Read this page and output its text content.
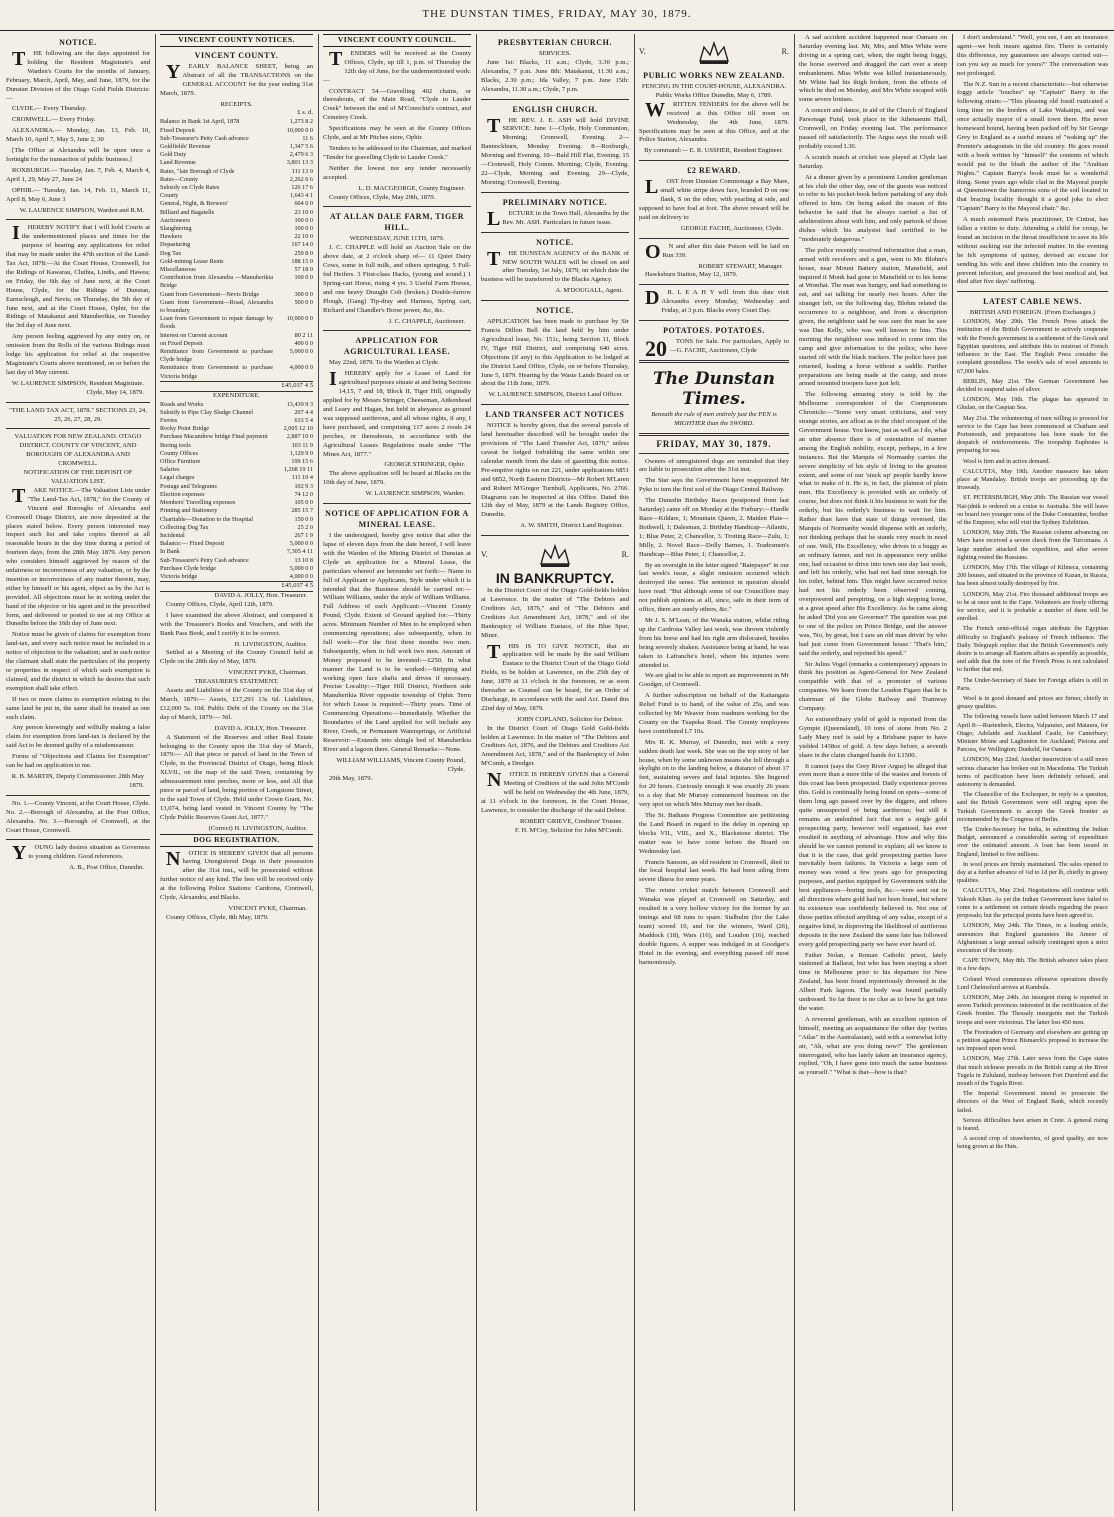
THE DUNSTAN TIMES, FRIDAY, MAY 30, 1879.
NOTICE.

T	HE following are the days appointed for holding the Resident Magistrate's and Warden's Courts for the months of January, February, March, April, May, and June, 1879, for the Dunstan Division of the Otago Gold Fields Districts:—

CLYDE.— Every Thursday.

CROMWELL.— Every Friday.

ALEXANDRA.— Monday, Jan. 13, Feb. 10, March 10, April 7, May 5, June 2, 30

[The Office at Alexandra will be open once a fortnight for the transaction of public business.]

ROXBURGH.— Tuesday, Jan. 7, Feb. 4, March 4, April 1, 29, May 27, June 24

OPHIR.— Tuesday, Jan. 14, Feb. 11, March 11, April 8, May 6, June 3

W. LAURENCE SIMPSON, Warden and R.M.

I	HEREBY NOTIFY that I will hold Courts at the undermentioned places and times for the purpose of hearing any applications for relief that may be made under the 47th section of the Land-Tax Act, 1878:—At the Court House, Cromwell, for the Ridings of Kawarau, Cluthia, Lindis, and Hawea; on Friday, the 6th day of June next, at the Court House, Clyde, for the Ridings of Dunstan, Earnscleugh, and Nevis; on Thursday, the 5th day of June next, and at the Court House, Ophir, for the Ridings of Matakanui and Manuherikia, on Tuesday the 3rd day of June next.

Any person feeling aggrieved by any entry on, or omission from the Rolls of the various Ridings must lodge his application for relief at the respective Magistrate's Courts above mentioned, on or before the last day of May current.

W. LAURENCE SIMPSON, Resident Magistrate. Clyde, May 14, 1879.
"THE LAND TAX ACT, 1878." SECTIONS 23, 24, 25, 26, 27, 28, 29.
VALUATION FOR NEW ZEALAND. OTAGO DISTRICT. COUNTY OF VINCENT, AND BOROUGHS OF ALEXANDRA AND CROMWELL.
NOTIFICATION OF THE DEPOSIT OF VALUATION LIST.

T	AKE NOTICE.—The Valuation Lists under "The Land-Tax Act, 1878," for the County of Vincent and Boroughs of Alexandra and Cromwell Otago District, are now deposited at the places stated below. Every person interested may inspect such list and take copies thereof at all reasonable hours in the day time during a period of fourteen days, from the 28th May 1879. Any person who considers himself aggrieved by reason of the unfairness or incorrectness of any valuation, or by the insertion or incorrectness of any matter therein, may, either by himself or his agent, object as by the Act is provided. All objections must be in writing under the hand of the objector or his agent and in the prescribed form, and delivered or posted to me at my Office at Dunedin before the 16th day of June next.

Notice must be given of claims for exemption from land-tax, and every such notice must be included in a notice of objection to the valuation; and in such notice the claimant shall state the particulars of the property or properties in respect of which such exemption is claimed, and the district in which he desires that such exemption shall take effect.

If two or more claims to exemption relating to the same land be put in, the same shall be treated as one such claim.

Any person knowingly and wilfully making a false claim for exemption from land-tax is declared by the said Act to be deemed guilty of a misdemeanour.

Forms of "Objections and Claims for Exemption" can be had on application to me.

R. B. MARTIN, Deputy Commissioner. 28th May 1879.

No. 1.—County Vincent, at the Court House, Clyde. No. 2.—Borough of Alexandra, at the Post Office, Alexandra. No. 3.—Borough of Cromwell, at the Court House, Cromwell.

Y	OUNG lady desires situation as Governess to young children. Good references.

A. B., Post Office, Dunedin.
VINCENT COUNTY NOTICES.
VINCENT COUNTY.

Y	EARLY BALANCE SHEET, being an Abstract of all the TRANSACTIONS on the GENERAL ACCOUNT for the year ending 31st March, 1879.

RECEIPTS.
£ s. d.
Balance in Bank 1st April, 1878	1,273 8 2
Fixed Deposit	10,000 0 0
Sub-Treasurer's Petty Cash advance	11 6
Goldfields' Revenue	1,347 5 6
Gold Duty	2,479 6 3
Land Revenue	3,801 13 3
Rates, "late Borough of Clyde	111 13 9
Rates—County	2,262 6 6
Subsidy on Clyde Rates	126 17 6
County	1,643 4 1
General, Night, & Brewers'	604 0 0
Billiard and Bagatelle	23 10 0
Auctioneers	100 0 0
Slaughtering	100 0 0
Hawkers	22 10 0
Depasturing	167 14 0
Dog Tax	250 8 0
Gold-mining Lease Rents	188 15 0
Miscellaneous	57 18 0
Contribution from Alexandra —Manuherikia Bridge
100 0 0
Grant from Government—Nevis Bridge	300 0 0
Grant from Government—Road, Alexandra to boundary
500 0 0
Loan from Government to repair damage by floods
10,000 0 0
Interest on Current account	80 2 11
on Fixed Deposit	400 0 0
Remittance from Government to purchase Clyde bridge
5,000 0 0
Remittance from Government to purchase Victoria bridge
4,000 0 0
£45,037 4 5
EXPENDITURE.
Roads and Works	13,439 9 3
Subsidy to Pipe Clay Sludge Channel	207 4 4
Ferries	633 5 4
Rocky Point Bridge	2,005 12 10
Purchase Macandrew bridge Final payment	2,887 10 0
Boring tools	103 11 9
County Offices	1,129 9 0
Office Furniture	199 15 6
Salaries	1,268 19 11
Legal charges	111 10 4
Postage and Telegrams	102 9 3
Election expenses	74 12 0
Members' Travelling expenses	105 0 0
Printing and Stationery	285 15 7
Charitable—Donation to the Hospital	150 0 0
Collecting Dog Tax	25 2 0
Incidental	267 1 9
Balance:— Fixed Deposit	5,000 0 0
In Bank	7,305 4 11
Sub-Treasurer's Petty Cash advance	13 10 8
Purchase Clyde bridge	5,000 0 0
Victoria bridge	4,000 0 0
£45,037 4 5
DAVID A. JOLLY, Hon. Treasurer.

County Offices, Clyde, April 12th, 1879.

I have examined the above Abstract, and compared it with the Treasurer's Books and Vouchers, and with the Bank Pass Book, and I certify it to be correct.

H. LIVINGSTON, Auditor.

Settled at a Meeting of the County Council held at Clyde on the 28th day of May, 1879.

VINCENT PYKE, Chairman.
TREASURER'S STATEMENT.

Assets and Liabilities of the County on the 31st day of March, 1879:— Assets, £17,293 13s 6d. Liabilities, £12,000 5s. 10d. Public Debt of the County on the 31st day of March, 1879:— Nil.

DAVID A. JOLLY, Hon. Treasurer.

A Statement of the Reserves and other Real Estate belonging to the County upon the 31st day of March, 1879:— All that piece or parcel of land in the Town of Clyde, in the Provincial District of Otago, being Block XLVII., on the map of the said Town, containing by admeasurement nine perches, more or less, and All that piece or parcel of land, being portion of Longstone Street, in the said Town of Clyde. Held under Crown Grant, No. 13,074, being land vested in Vincent County by "The Clyde Public Reserves Grant Act, 1877."

(Correct) H. LIVINGSTON, Auditor.
DOG REGISTRATION.

N	OTICE IS HEREBY GIVEN that all persons having Unregistered Dogs in their possession after the 31st inst., will be prosecuted without further notice of any kind. The fees will be received only at the following Police Stations: Cardrona, Cromwell, Clyde, Alexandra, and Blacks.

VINCENT PYKE, Chairman.

County Offices, Clyde, 8th May, 1879.

VINCENT COUNTY COUNCIL.

T	ENDERS will be received at the County Offices, Clyde, up till 1, p.m. of Thursday the 12th day of June, for the undermentioned work:—

CONTRACT 54.—Gravelling 402 chains, or thereabouts, of the Main Road, "Clyde to Lauder Creek" between the end of M'Conochie's contract, and Cemetery Creek.

Specifications may be seen at the County Offices Clyde, and at Mr Pitches store, Ophir.

Tenders to be addressed to the Chairman, and marked "Tender for gravelling Clyde to Lauder Creek."

Neither the lowest nor any tender necessarily accepted.

L. D. MACGEORGE, County Engineer.

County Offices, Clyde, May 29th, 1879.

AT ALLAN DALE FARM, TIGER HILL.
WEDNESDAY, JUNE 11TH, 1879.

J. C. CHAPPLE will hold an Auction Sale on the above date, at 2 o'clock sharp of— 11 Quiet Dairy Cows, some in full milk, and others springing. 5 Full-fed Heifers. 3 First-class Hacks, (young and sound.) 1 Spring-cart Horse, rising 4 yrs. 3 Useful Farm Horses, and one heavy Draught Colt (broken.) Double-furrow Plough, (Gang) Tip-dray and Harness, Spring cart, Richard and Chandler's Horse power, &c, &c.

J. C. CHAPPLE, Auctioneer.
APPLICATION FOR AGRICULTURAL LEASE.

May 22nd, 1879. To the Warden at Clyde.

I	HEREBY apply for a Lease of Land for agricultural purposes situate at and being Sections 14,15, 7 and 18, Block II, Tiger Hill, originally applied for by Messrs Stringer, Cheeseman, Aitkenhead and Leary and Hagan, but held in abeyance as ground was supposed auriferous, and all whose rights, if any, I have purchased, and comprising 117 acres 2 roods 24 perches, or thereabouts, in accordance with the Agricultural Leases Regulations made under "The Mines Act, 1877."

GEORGE STRINGER, Ophir.

The above application will be heard at Blacks on the 10th day of June, 1879.

W. LAURENCE SIMPSON, Warden.
NOTICE OF APPLICATION FOR A MINERAL LEASE.

I the undersigned, hereby give notice that after the lapse of eleven days from the date hereof, I will leave with the Warden of the Mining District of Dunstan at Clyde an application for a Mineral Lease, the particulars whereof are hereunder set forth:— Name in full of Applicant or Applicants, Style under which it is intended that the Business should be carried on:—William Williams, under the style of William Williams. Full Address of each Applicant:—Vincent County Pound, Clyde. Extent of Ground applied for:—Thirty acres. Minimum Number of Men to be employed when commencing operations; also subsequently, when in full work:—For the first three months two men. Subsequently, when in full work two men. Amount of Money proposed to be invested:—£250. In what manner the Land is to be worked:—Stripping and working open face shafts and drives if necessary. Precise Locality:—Tiger Hill District, Northern side Manuherikia River opposite township of Ophir. Term for which Lease is required:—Thirty years. Time of Commencing Operations:—Immediately. Whether the Boundaries of the Land applied for will include any River, Creek, or Permanent Watersprings, or Artificial Reservoir:—Extends into shingle bed of Manuherikia River and a lagoon there. General Remarks:—None.

WILLIAM WILLIAMS, Vincent County Pound, Clyde.

29th May, 1879.

PRESBYTERIAN CHURCH.
SERVICES.

June 1st: Blacks, 11 a.m.; Clyde, 3.30 p.m.; Alexandra, 7 p.m. June 8th: Matakanui, 11.30 a.m.; Blacks, 2.30 p.m.; Ida Valley, 7 p.m. June 15th: Alexandra, 11.30 a.m.; Clyde, 7 p.m.

ENGLISH CHURCH.

T	HE REV. J. E. ASH will hold DIVINE SERVICE: June 1—Clyde, Holy Communion, Morning; Cromwell, Evening. 2—Bannockburn, Monday Evening. 8—Roxburgh, Morning and Evening. 10—Bald Hill Flat, Evening. 15—Cromwell, Holy Comm. Morning; Clyde, Evening. 22—Clyde, Morning and Evening. 29—Clyde, Morning; Cromwell, Evening.

PRELIMINARY NOTICE.

L	ECTURE in the Town Hall, Alexandra by the Rev. Mr. ASH. Particulars in future issue.

NOTICE.

T	HE DUNSTAN AGENCY of the BANK of NEW SOUTH WALES will be closed on and after Tuesday, 1st July, 1879, on which date the business will be transferred to the Blacks Agency.

A. M'DOUGALL, Agent.
NOTICE.

APPLICATION has been made to purchase by Sir Francis Dillon Bell the land held by him under Agricultural lease, No. 151c, being Section 11, Block IV, Tiger Hill District, and comprising 640 acres. Objections (if any) to this Application to be lodged at the District Land Office, Clyde, on or before Thursday, June 5, 1879. Hearing by the Waste Lands Board on or about the 11th June, 1879.

W. LAURENCE SIMPSON, District Land Officer.
LAND TRANSFER ACT NOTICES

NOTICE is hereby given, that the several parcels of land hereinafter described will be brought under the provisions of "The Land Transfer Act, 1870," unless caveat be lodged forbidding the same within one calendar month from the date of gazetting this notice. Pre-emptive rights on run 221, under applications 6851 and 6852, North Eastern Districts—Mr Robert M'Laren and Robert M'Gregor Turnbull, Applicants, No. 2766. Diagrams can be inspected at this Office. Dated this 12th day of May, 1879 at the Lands Registry Office, Dunedin.

A. W. SMITH, District Land Registrar.
V.	R.
IN BANKRUPTCY.

In the District Court of the Otago Gold-fields holden at Lawrence. In the matter of "The Debtors and Creditors Act, 1876," and of "The Debtors and Creditors Act Amendment Act, 1878," and of the Bankruptcy of William Eustace, of the Blue Spur, Miner.

T	HIS IS TO GIVE NOTICE, that an application will be made by the said William Eustace to the District Court of the Otago Gold Fields, to be holden at Lawrence, on the 25th day of June, 1879 at 11 o'clock in the forenoon, or as soon thereafter as Counsel can be heard, for an Order of Discharge, in accordance with the said Act. Dated this 22nd day of May, 1879.

JOHN COPLAND, Solicitor for Debtor.

In the District Court of Otago Gold Gold-fields holden at Lawrence. In the matter of "The Debtors and Creditors Act, 1876, and the Debtors and Creditors Act Amendment Act, 1878," and of the Bankruptcy of John M'Comb, a Dredger.

N	OTICE IS HEREBY GIVEN that a General Meeting of Creditors of the said John M'Comb will be held on Wednesday the 4th June, 1879, at 11 o'clock in the forenoon, in the Court House, Lawrence, to consider the discharge of the said Debtor.

ROBERT GRIEVE, Creditors' Trustee.
F. H. M'Coy, Solicitor for John M'Comb.
V.	R.
PUBLIC WORKS NEW ZEALAND.
FENCING IN THE COURT-HOUSE, ALEXANDRA.
Public Works Office Dunedin, May 6, 1789.

W	RITTEN TENDERS for the above will be received at this Office till noon on Wednesday, the 4th June, 1879. Specifications may be seen at this Office, and at the Police Station, Alexandra.

By command:— E. R. USSHER, Resident Engineer.
£2 REWARD.

L	OST from Dunstan Commonage a Bay Mare, small white stripe down face, branded D on one flank, S on the other, with yearling at side, and supposed to have foal at foot. The above reward will be paid on delivery to

GEORGE FACHE, Auctioneer, Clyde.

O	N and after this date Poison will be laid on Run 339.

ROBERT STEWART, Manager.

Hawksburn Station, May 12, 1879.

D	R. L E A H Y will from this date visit Alexandra every Monday, Wednesday and Friday, at 3 p.m. Blacks every Court Day.

POTATOES. POTATOES.

20	TONS for Sale. For particulars, Apply to—G. FACHE, Auctioneer, Clyde

The Dunstan Times.
Beneath the rule of men entirely just the PEN is MIGHTIER than the SWORD.
FRIDAY, MAY 30, 1879.

Owners of unregistered dogs are reminded that they are liable to prosecution after the 31st inst.

The Star says the Government have reappointed Mr Pyke to turn the first sod of the Otago Central Railway.

The Dunedin Birthday Races (postponed from last Saturday) came off on Monday at the Forbury:—Hurdle Race—Kildare, 1; Mountain Queen, 2. Maiden Plate—Bothwell, 1; Dalesman, 2. Birthday Handicap—Atlantic, 1; Blue Peter, 2; Chancellor, 3. Trotting Race—Zulu, 1; Milly, 2. Novel Race—Dolly Barnes, 1. Tradesmen's Handicap—Blue Peter, 1; Chancellor, 2.

By an oversight in the letter signed "Ratepayer" in our last week's issue, a slight omission occurred which destroyed the sense. The sentence in question should have read: "But although some of our Councillors may not publish opinions at all, since, safe in their term of office, there are surely others, &c."

Mr J. S. M'Lean, of the Wanaka station, whilst riding up the Cardrona Valley last week, was thrown violently from his horse and had his right arm dislocated, besides being severely shaken. Assistance being at hand, he was taken to Lafranche's hotel, where his injuries were attended to.

We are glad to be able to report an improvement in Mr Goodger, of Cromwell.

A further subscription on behalf of the Kaitangata Relief Fund is to hand, of the value of 25s, and was collected by Mr Weaver from roadmen working for the County on the Tuapeka Road. The County employees have contributed L7 10s.

Mrs R. K. Murray, of Dunedin, met with a very sudden death last week. She was on the top story of her house, when by some unknown means she fell through a skylight on to the landing below, a distance of about 17 feet, sustaining severe and fatal injuries. She lingered for 20 hours. Curiously enough it was exactly 26 years to a day that Mr Murray commenced business on the very spot on which Mrs Murray met her death.

The St. Bathans Progress Committee are petitioning the Land Board in regard to the delay in opening up blocks VII., VIII., and X., Blackstone district. The matter was to have come before the Board on Wednesday last.

Francis Sansom, an old resident in Cromwell, died in the local hospital last week. He had been ailing from severe illness for some years.

The return cricket match between Cromwell and Wanaka was played at Cromwell on Saturday, and resulted in a very hollow victory for the former by an innings and 68 runs to spare. Stalbulm (for the Lake team) scored 10, and for the winners, Ward (26), Maddock (18), Wars (16), and Loudon (16), reached double figures. A supper was indulged in at Goodger's Hotel in the evening, and everything passed off most harmoniously.

A sad accident accident happened near Oamaru on Saturday evening last. Mr, Mrs, and Miss White were driving in a spring cart, when, the night being foggy, the horse swerved and dragged the cart over a steep embankment. Miss White was killed instantaneously, Mr White had his thigh broken, from the effects of which he died on Monday, and Mrs White escaped with some severe bruises.

A concert and dance, in aid of the Church of England Parsonage Fund, took place in the Athenaeum Hall, Cromwell, on Friday evening last. The performance passed off satisfactorily. The Argus says the result will probably exceed L30.

A scratch match at cricket was played at Clyde last Saturday.

At a dinner given by a prominent London gentleman at his club the other day, one of the guests was noticed to refer to his pocket-book before partaking of any dish offered to him. On being asked the reason of this behavior he said that he always carried a list of adulterations about with him, and only partook of those dishes which his analysist had certified to be "moderately dangerous."

The police recently received information that a man, armed with revolvers and a gun, went to Mr. Blohm's house, near Mount Battery station, Mansfield, and inquired if Monk had gone to Mansfield or to his home at Wombat. The man was hungry, and had something to eat, and sat talking for nearly two hours. After the stranger left, on the following day, Blohm related the occurrence to a neighbour, and from a description given, the neighbour said he was sure the man he saw was Dan Kelly, who was well known to him. This morning the neighbour was induced to come into the camp and give information to the police, who have started off with the black trackers. The police have just returned, leading a horse without a saddle. Further preparations are being made at the camp, and more armed mounted troopers have just left.

The following amusing story is told by the Melbourne correspondent of the Comptoneum Chronicle:—"Some very smart criticisms, and very strange stories, are afloat as to the chief occupant of the Government house. You know, just as well as I do, what an utter absence there is of ostentation of manner among the English nobility, except, perhaps, in a few instances. But the Marquis of Normanby carries the severe simplicity of his style of living to the greatest extent, and some of our 'stuck up' people hardly know what to make of it. He is, in fact, the plainest of plain men. His Excellency is provided with an orderly of course, but does not think it his business to wait for the orderly, but his orderly's business to wait for him. Rather than have that state of things reversed, the Marquis of Normanby would dispense with an orderly, not thinking perhaps that he stands very much in need of one. Well, His Excellency, who drives in a buggy as an ordinary farmer, and not in appearance very unlike one, had occasion to drive into town one day last week, and left his orderly, who had not had time enough for his toilet, behind him. This might have occurred twice had not his orderly been observed coming, overpowered and perspiring, on a high stepping horse, at a great speed after His Excellency. As he came along he asked 'Did you see Governor?' The question was put to one of the police on Prince Bridge, and the answer was, 'No, by great, but I saw an old man drivin' by who had just come from Government house.' 'That's him,' said the orderly, and rejoined his speed."

Sir Julius Vogel (remarks a contemporary) appears to think his position as Agent-General for New Zealand compatible with that of a promoter of various companies. We learn from the Loudon Figaro that he is chairman of the Globe Railway and Tramway Company.

An extraordinary yield of gold is reported from the Gympie (Queensland), 10 tons of stone from No. 2 Lady Mary reef is said by a Brisbane paper to have yielded 1438oz of gold. A few days before, a seventh share in the claim changed hands for L1500.

It cannot (says the Grey River Argus) be alleged that even more than a mere tithe of the wastes and forests of this coast has been prospected. Daily experience proves this. Gold is continually being found on spots—some of them long ago passed over by the diggers, and others quite unsuspected of being auriferous; but still it remains an undoubted fact that not a single gold prospecting party, however well organised, has ever resulted in anything of advantage. How and why this should be we cannot pretend to explain; all we know is that it is the case, that gold prospecting parties have inevitably been failures. In Victoria a large sum of money was voted a few years ago for prospecting purposes, and parties equipped by Government with the best appliances—boring tools, &c.—were sent out in all directions where gold had not been found, but where its existence was confidently believed in. Not one of those parties effected anything of any value, except of a negative kind, in disproving the likelihood of auriferous deposits in the new Zealand the same fate has followed every gold prospecting party we have ever heard of.

Father Nolan, a Roman Catholic priest, lately stationed at Ballarat, but who has been staying a short time in Melbourne prior to his departure for New Zealand, has been found mysteriously drowned in the Albert Park lagoon. The body was found partially undressed. So far there is no clue as to how he got into the water.

A reverend gentleman, with an excellent opinion of himself, meeting an acquaintance the other day (writes "Atlas" in the Australasian), said with a somewhat lofty air, "Ah, what are you doing now?" The gentleman interrogated, who has lately taken an insurance agency, replied, "Oh, I have gone into much the same business as yourself." "What is that—how is that?

I don't understand." "Well, you see, I am an insurance agent—we both insure against fire. There is certainly this difference, my guarantees are always carried out—can you say as much for yours?" The conversation was not prolonged.

The N.Z. Sun in a recent characteristic—but otherwise foggy article "touches" up "Captain" Barry in the following strain:—"This pleasing old fossil rusticated a long time on the borders of Lake Wakatipu, and was once actually mayor of a small town there. His never homeward bound, having been packed off by Sir George Grey to England as a useful means of "waking up" the Premier's antagonists in the old country. He goes round with a book written by "himself" the contents of which would put to the blush the author of the "Arabian Nights." Captain Barry's book must be a wonderful thing. Some years ago while clad in the Mayoral purple at Queenstown the humorous sons of the soil located in that bracing locality thought it a good joke to elect "Captain" Barry to the Mayoral chair." &c.

A much esteemed Paris practitioner, Dr Cintrat, has fallen a victim to duty. Attending a child for croup, he found an incision in the throat insufficient to save its life without sucking out the infected matter. In the evening he felt symptoms of quinsy, devised an excuse for sending his wife and three children into the country to prevent infection, and procured the best medical aid, but died after five days' suffering.

LATEST CABLE NEWS.
BRITISH AND FOREIGN. (From Exchanges.)

LONDON, May 29th. The French Press attack the institution of the British Government to actively cooperate with the French government in a settlement of the Greek and Egyptian questions, and attribute this to mistrust of French influence in the East. The English Press consider the complaint groundless. The week's sale of wool amounts to 67,000 bales.

BERLIN, May 21st. The German Government has decided to suspend sales of silver.

LONDON, May 19th. The plague has appeared in Ghulan, on the Caspian Sea.

May 21st. The volunteering of men willing to proceed for service to the Cape has been commenced at Chatham and Portsmouth, and preparations has been made for the despatch of reinforcements. The troopship Euphrates is preparing for sea.

Wool is firm and in active demand.

CALCUTTA, May 19th. Another massacre has taken place at Mandalay. British troops are proceeding up the Irrawady.

ST. PETERSBURGH, May 20th. The Russian war vessel Nai-jdnik is ordered on a cruise to Australia. She will leave on board two younger sons of the Duke Constantine, brother of the Emperor, who will visit the Sydney Exhibition.

LONDON, May 20th. The Russian column advancing on Merv have received a severe check from the Turcomans. A large number attacked the expedition, and after severe fighting routed the Russians.

LONDON, May 17th. The village of Kilmeca, containing 200 houses, and situated in the province of Kazan, in Russia, has been almost totally destroyed by fire.

LONDON, May 21st. Fire thousand additional troops are to be at once sent to the Cape. Volunteers are freely offering for service, and it is probable a number of them will be enrolled.

The French semi-official organ attribute the Egyptian difficulty to England's jealousy of French influence. The Daily Telegraph replies that the British Government's only desire is to arrange all Eastern affairs as speedily as possible, and adds that the tone of the French Press is not calculated to further that end.

The Under-Secretary of State for Foreign affairs is still in Paris.

Wool is in good demand and prices are firmer, chiefly in greasy qualities.

The following vessels have sailed between March 17 and April 8:—Ruetenbeck, Electra, Valparaiso, and Mataura, for Otago; Adelaide and Auckland Castle, for Canterbury; Minister Moine and Laghunton for Auckland; Pieiona and Parcora, for Wellington; Dunkeld, for Oamaru.

LONDON, May 22nd. Another insurrection of a still more serious character has broken out in Macedonia. The Turkish terms of pacification have been definitely refused, and autonomy is demanded.

The Chancellor of the Exchequer, in reply to a question, said the British Government were still urging upon the Turkish Government to accept the Greek frontier as recommended by the Congress of Berlin.

The Under-Secretary for India, in submitting the Indian Budget, announced a considerable saving of expenditure over the estimated amount. A loan has been issued in England, limited to five millions.

In wool prices are firmly maintained. The sales opened to day at a further advance of ¼d to 1d per lb, chiefly in greasy qualities.

CALCUTTA, May 23rd. Negotiations still continue with Yakoob Khan. As yet the Indian Government have failed to come to a settlement on certain details regarding the peace proposals; but the principal points have been agreed to.

LONDON, May 24th. The Times, in a leading article, announces that England guarantees the Ameer of Afghanistan a large annual subsidy contingent upon a strict execution of the treaty.

CAPE TOWN, May 8th. The British advance takes place in a few days.

Colonel Wood commences offensive operations directly Lord Chelmsford arrives at Kambula.

LONDON, May 24th. An insurgent rising is reported in seven Turkish provinces interested in the rectification of the Greek frontier. The Thessaly insurgents met the Turkish troops and were victorious. The latter lost 450 men.

The Freetraders of Germany and elsewhere are getting up a petition against Prince Bismarck's proposal to increase the tax imposed upon wool.

LONDON, May 27th. Later news from the Cape states that much sickness prevails in the British camp at the River Tugela in Zululand, midway between Fort Durnford and the mouth of the Tugela River.

The Imperial Government intend to prosecute the directors of the West of England Bank, which recently failed.

Serious difficulties have arisen in Crete. A general rising is feared.

A second crop of strawberries, of good quality, are now being grown at the Huts.
